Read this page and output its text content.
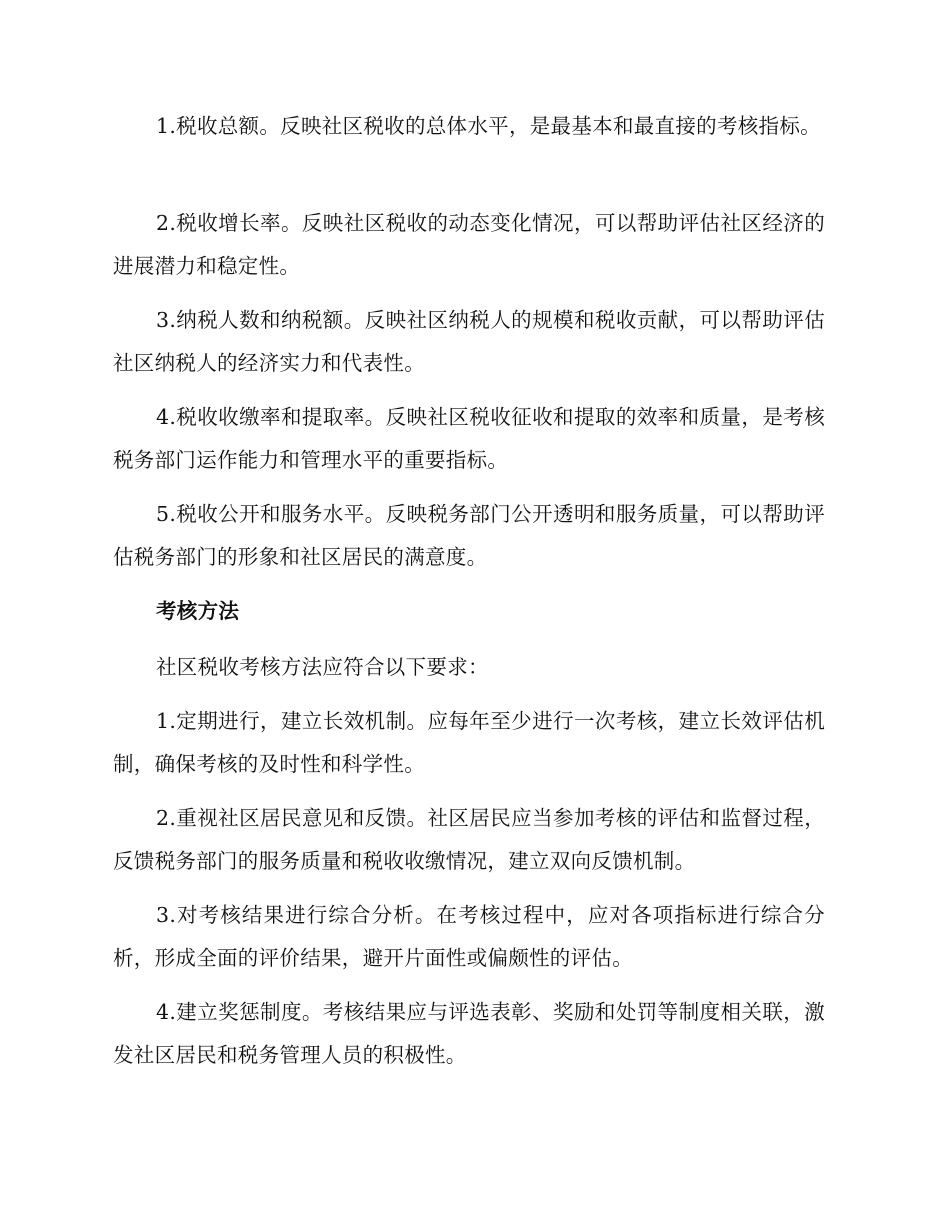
1.税收总额。反映社区税收的总体水平，是最基本和最直接的考核指标。

2.税收增长率。反映社区税收的动态变化情况，可以帮助评估社区经济的进展潜力和稳定性。

3.纳税人数和纳税额。反映社区纳税人的规模和税收贡献，可以帮助评估社区纳税人的经济实力和代表性。

4.税收收缴率和提取率。反映社区税收征收和提取的效率和质量，是考核税务部门运作能力和管理水平的重要指标。

5.税收公开和服务水平。反映税务部门公开透明和服务质量，可以帮助评估税务部门的形象和社区居民的满意度。

考核方法

社区税收考核方法应符合以下要求：

1.定期进行，建立长效机制。应每年至少进行一次考核，建立长效评估机制，确保考核的及时性和科学性。

2.重视社区居民意见和反馈。社区居民应当参加考核的评估和监督过程，反馈税务部门的服务质量和税收收缴情况，建立双向反馈机制。

3.对考核结果进行综合分析。在考核过程中，应对各项指标进行综合分析，形成全面的评价结果，避开片面性或偏颇性的评估。

4.建立奖惩制度。考核结果应与评选表彰、奖励和处罚等制度相关联，激发社区居民和税务管理人员的积极性。
